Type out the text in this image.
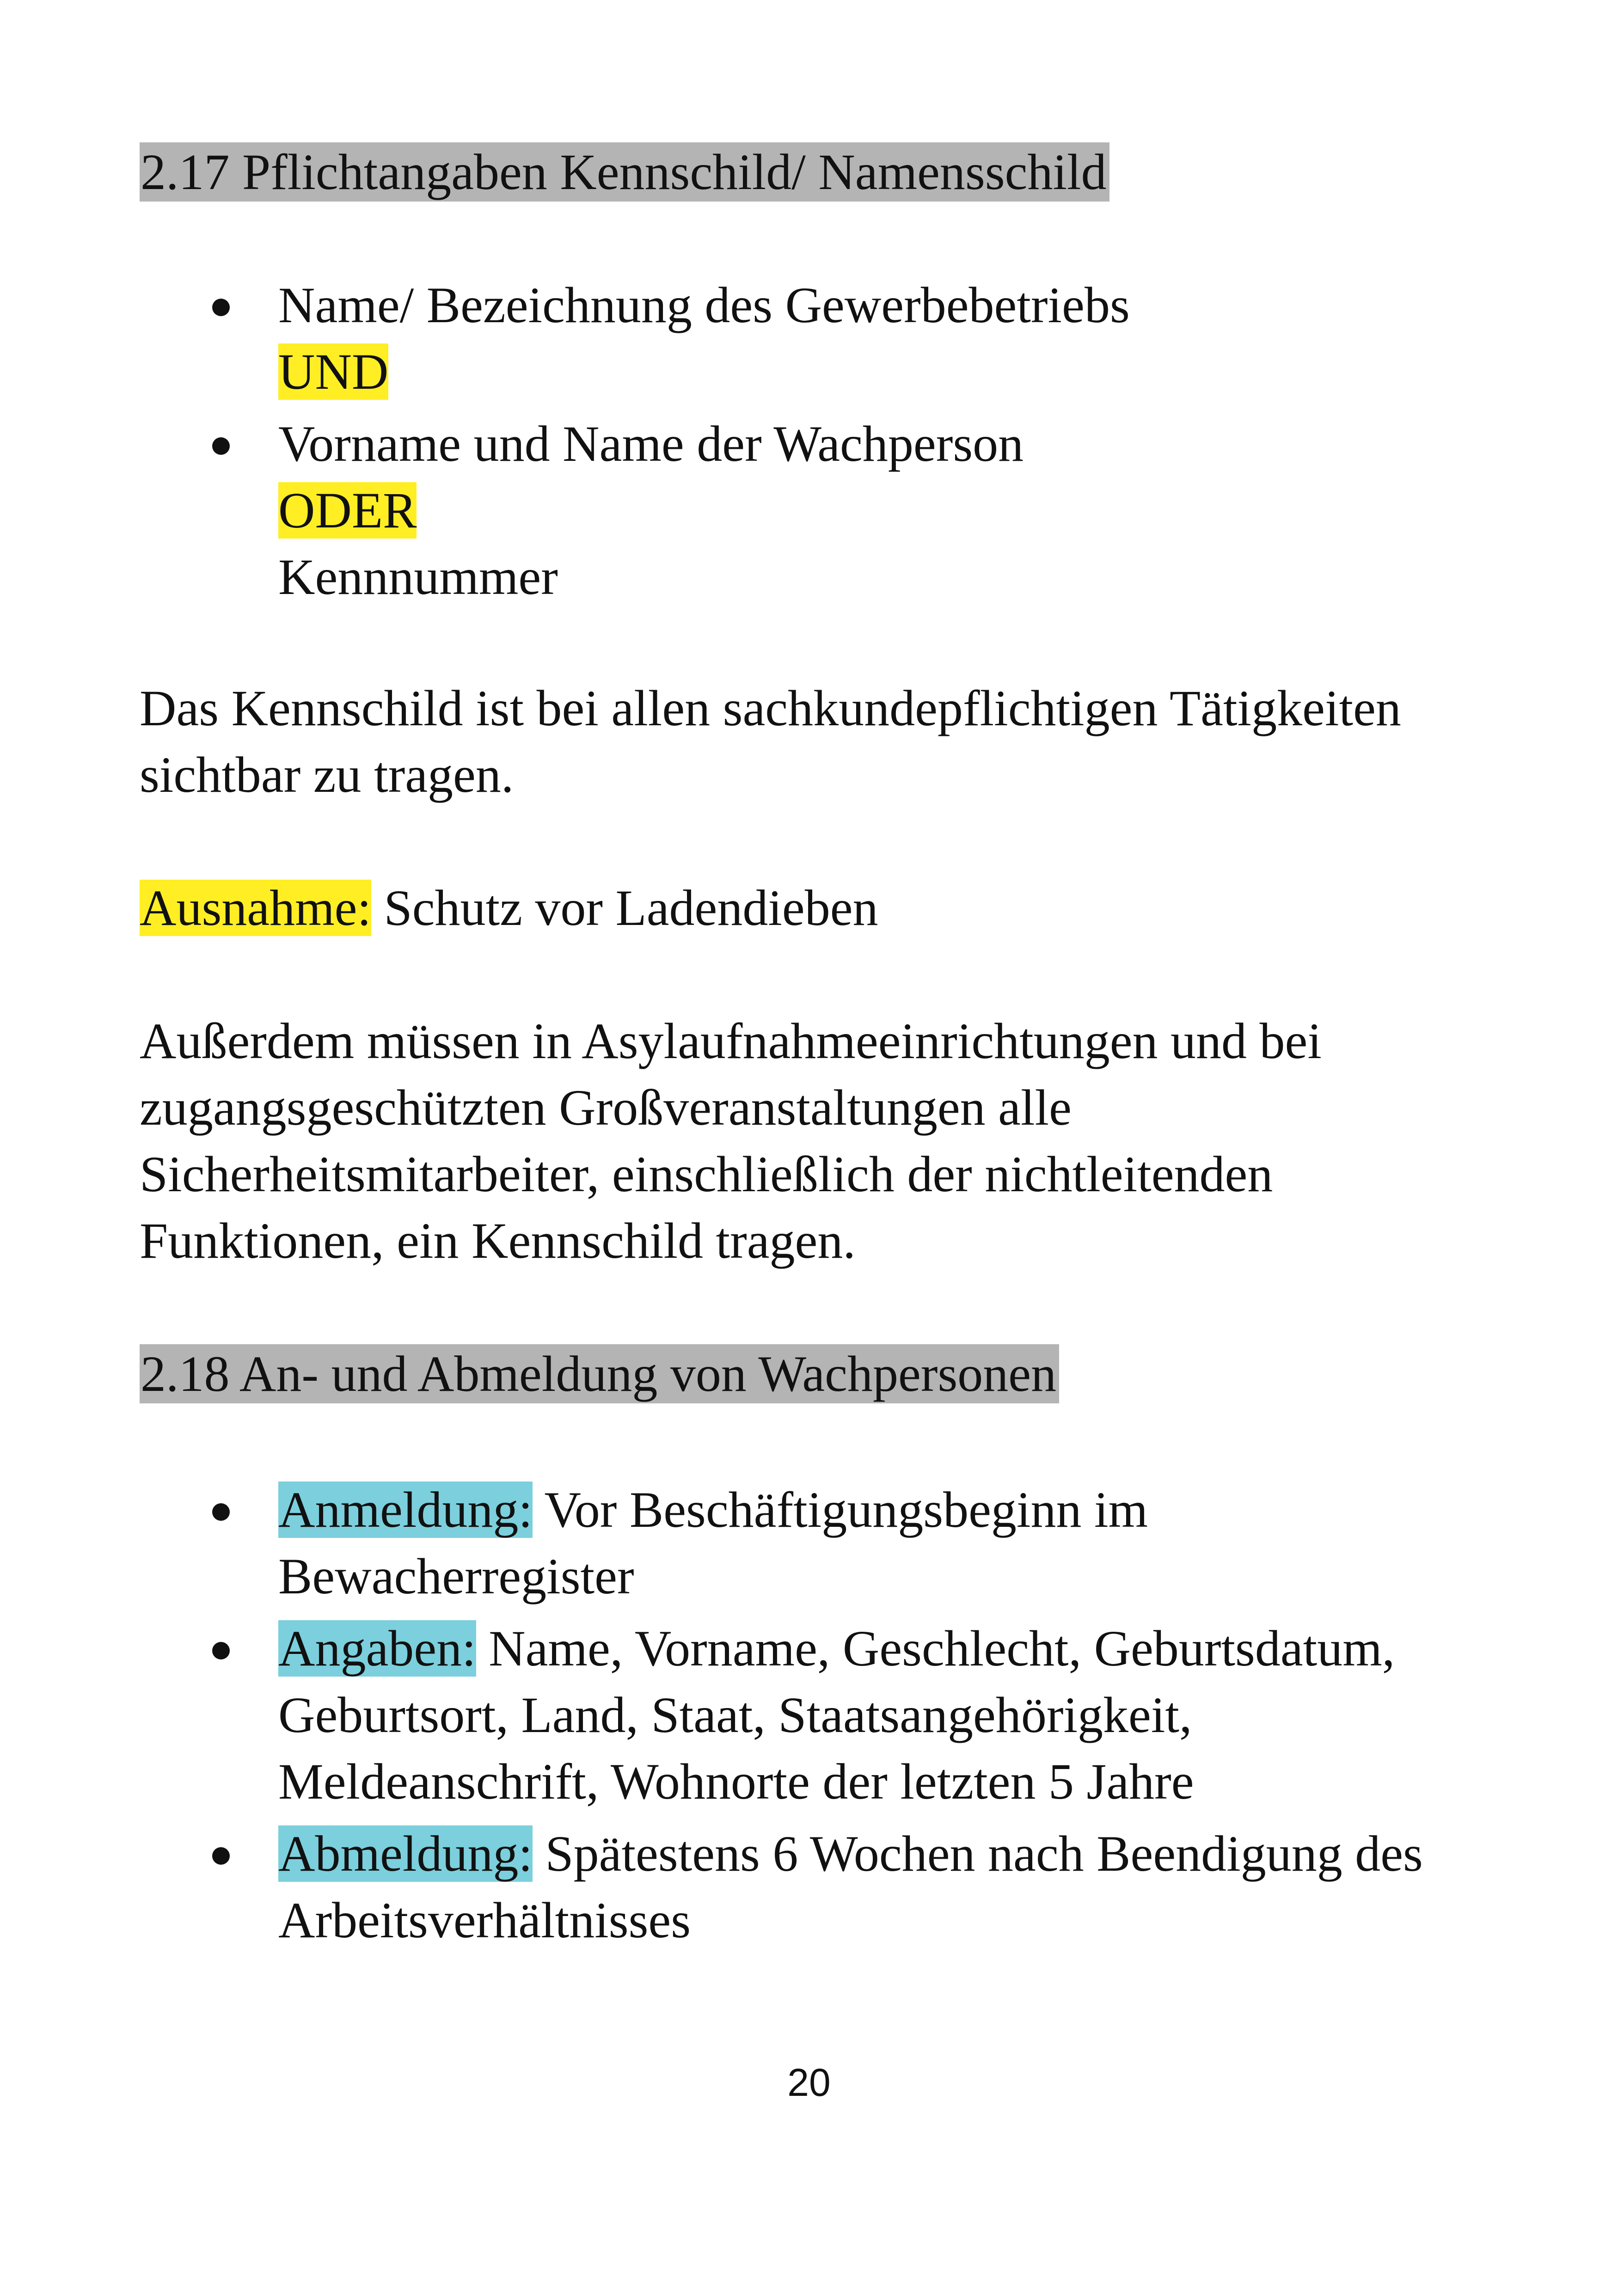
2.17 Pflichtangaben Kennschild/ Namensschild
Name/ Bezeichnung des Gewerbebetriebs
UND
Vorname und Name der Wachperson
ODER
Kennnummer

Das Kennschild ist bei allen sachkundepflichtigen Tätigkeiten
sichtbar zu tragen.

Ausnahme: Schutz vor Ladendieben

Außerdem müssen in Asylaufnahmeeinrichtungen und bei
zugangsgeschützten Großveranstaltungen alle
Sicherheitsmitarbeiter, einschließlich der nichtleitenden
Funktionen, ein Kennschild tragen.

2.18 An- und Abmeldung von Wachpersonen
Anmeldung: Vor Beschäftigungsbeginn im
Bewacherregister
Angaben: Name, Vorname, Geschlecht, Geburtsdatum,
Geburtsort, Land, Staat, Staatsangehörigkeit,
Meldeanschrift, Wohnorte der letzten 5 Jahre
Abmeldung: Spätestens 6 Wochen nach Beendigung des
Arbeitsverhältnisses
20
